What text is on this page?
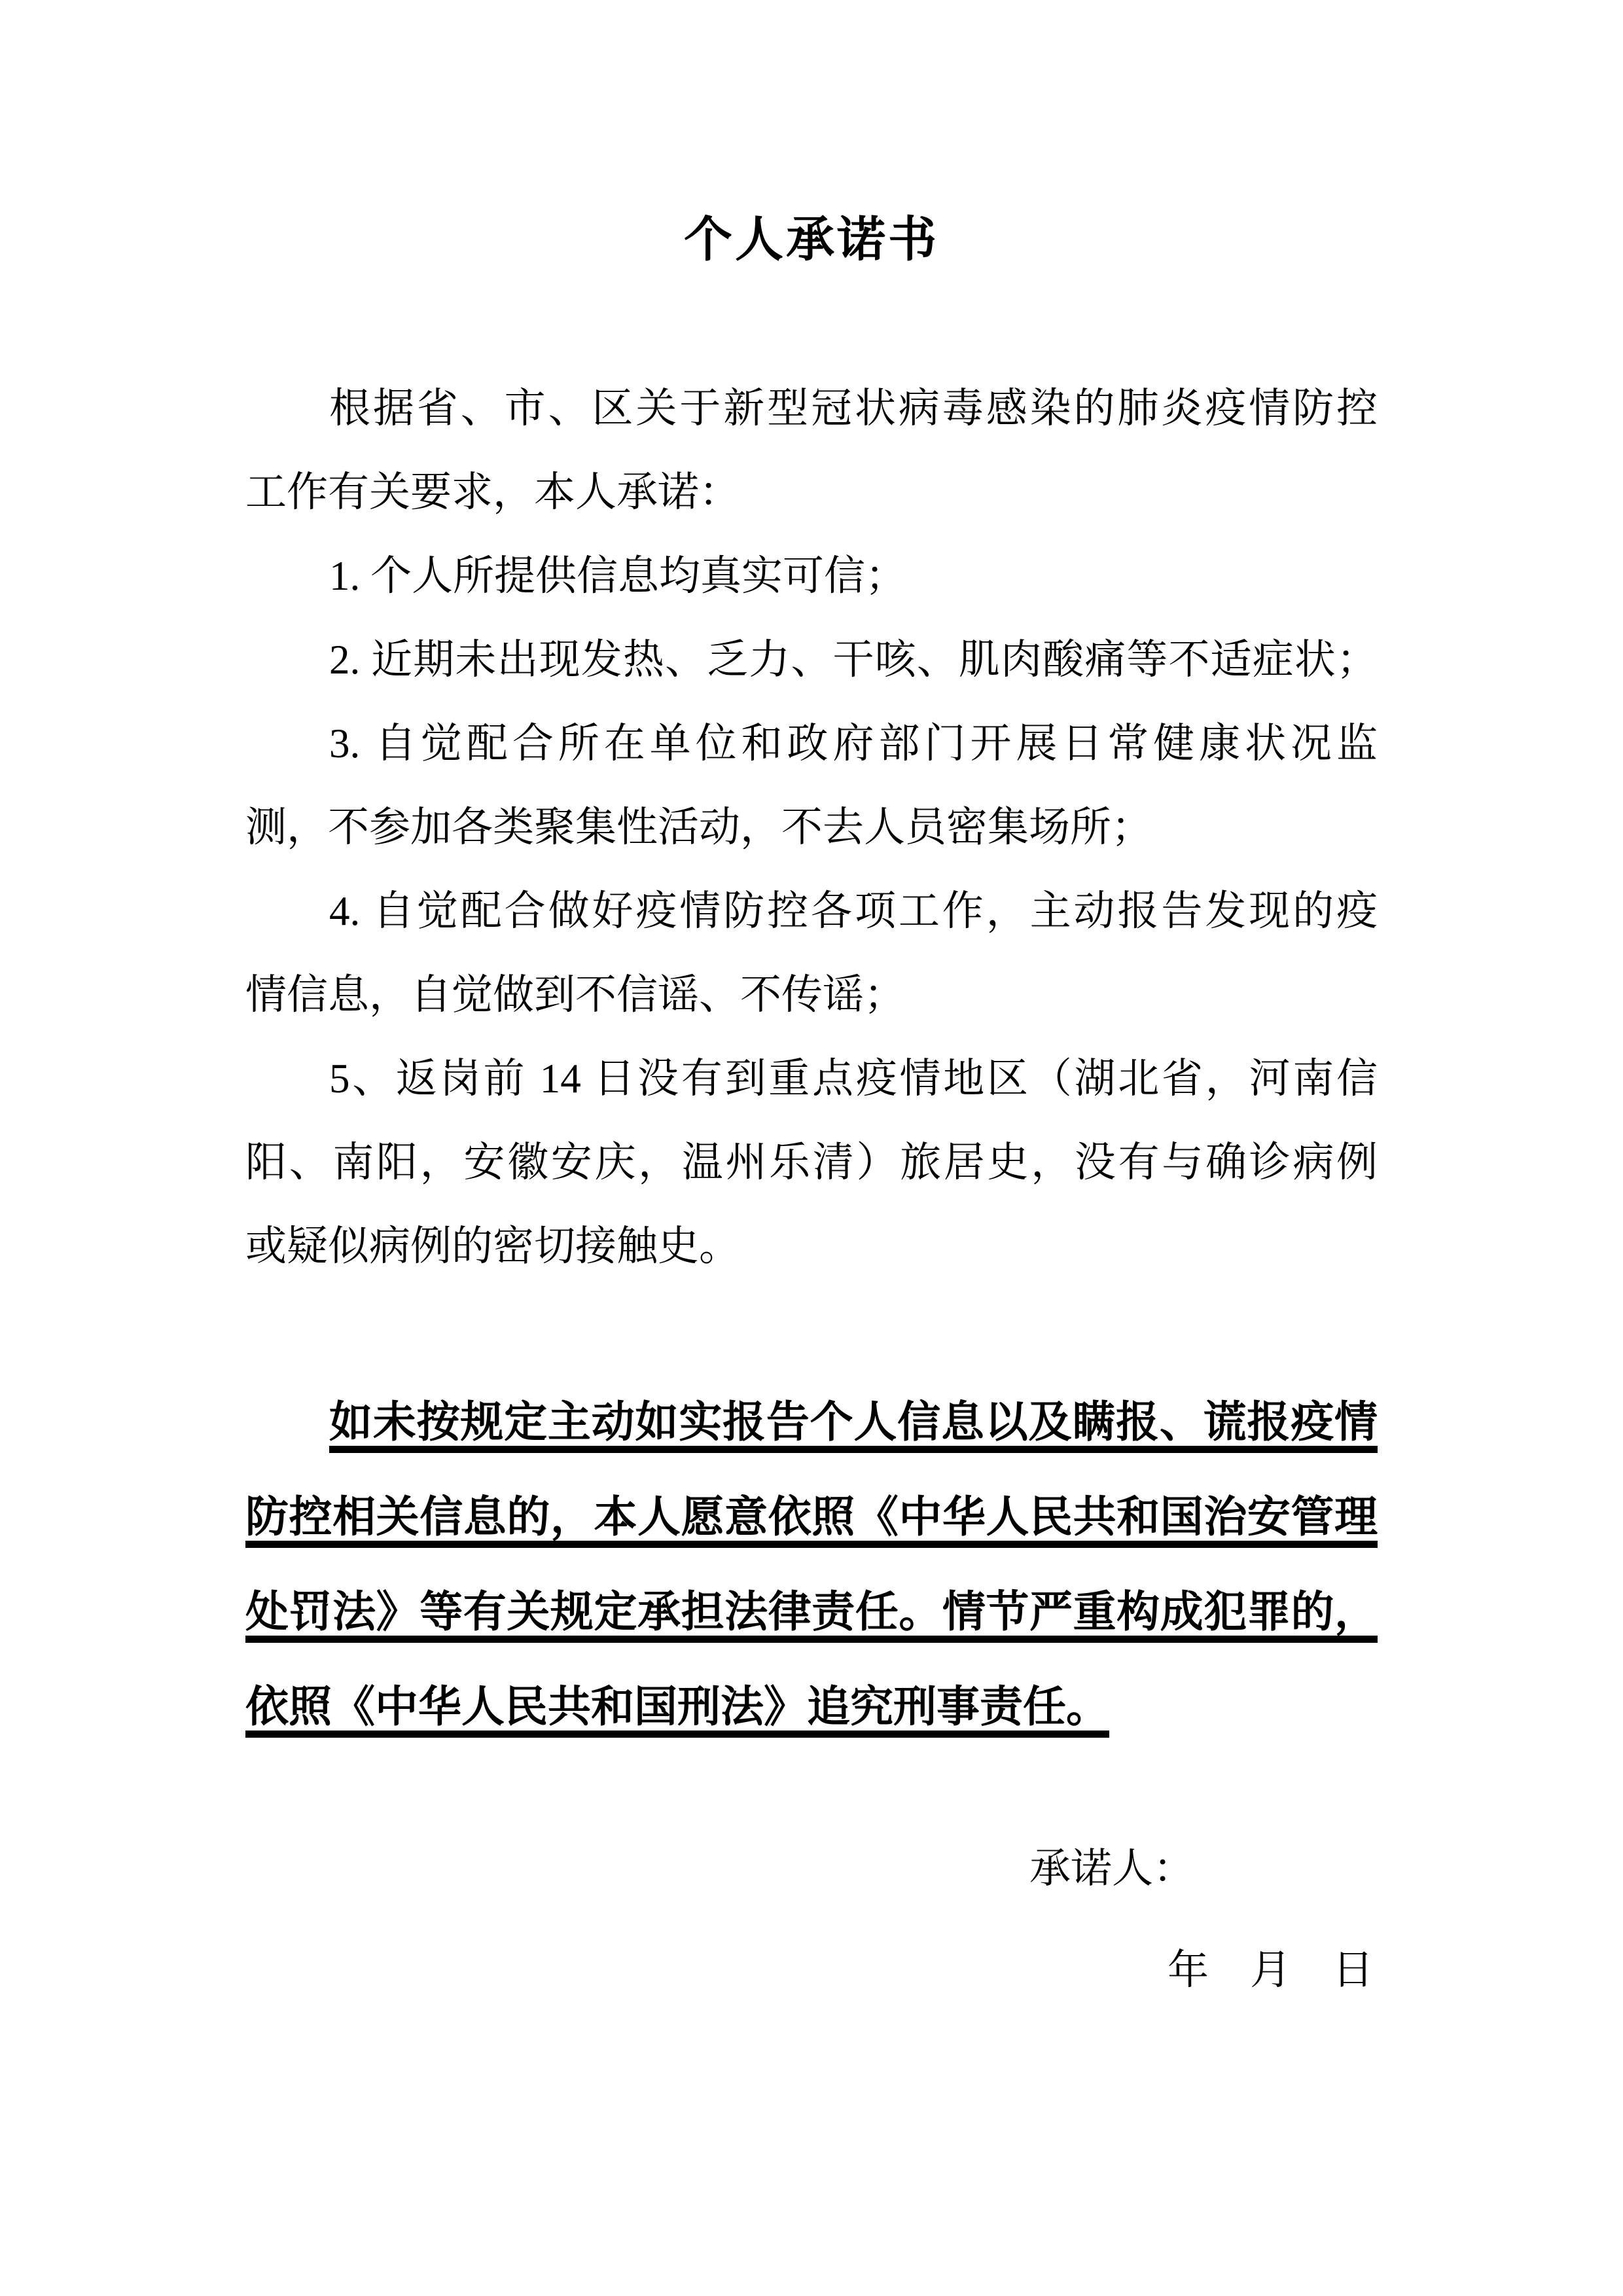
个人承诺书
根据省、市、区关于新型冠状病毒感染的肺炎疫情防控
工作有关要求，本人承诺：
1. 个人所提供信息均真实可信；
2. 近期未出现发热、乏力、干咳、肌肉酸痛等不适症状；
3. 自觉配合所在单位和政府部门开展日常健康状况监
测，不参加各类聚集性活动，不去人员密集场所；
4. 自觉配合做好疫情防控各项工作，主动报告发现的疫
情信息，自觉做到不信谣、不传谣；
5、返岗前 14 日没有到重点疫情地区（湖北省，河南信
阳、南阳，安徽安庆，温州乐清）旅居史，没有与确诊病例
或疑似病例的密切接触史。
如未按规定主动如实报告个人信息以及瞒报、谎报疫情
防控相关信息的，本人愿意依照《中华人民共和国治安管理
处罚法》等有关规定承担法律责任。情节严重构成犯罪的，
依照《中华人民共和国刑法》追究刑事责任。
承诺人：
年　月　日
